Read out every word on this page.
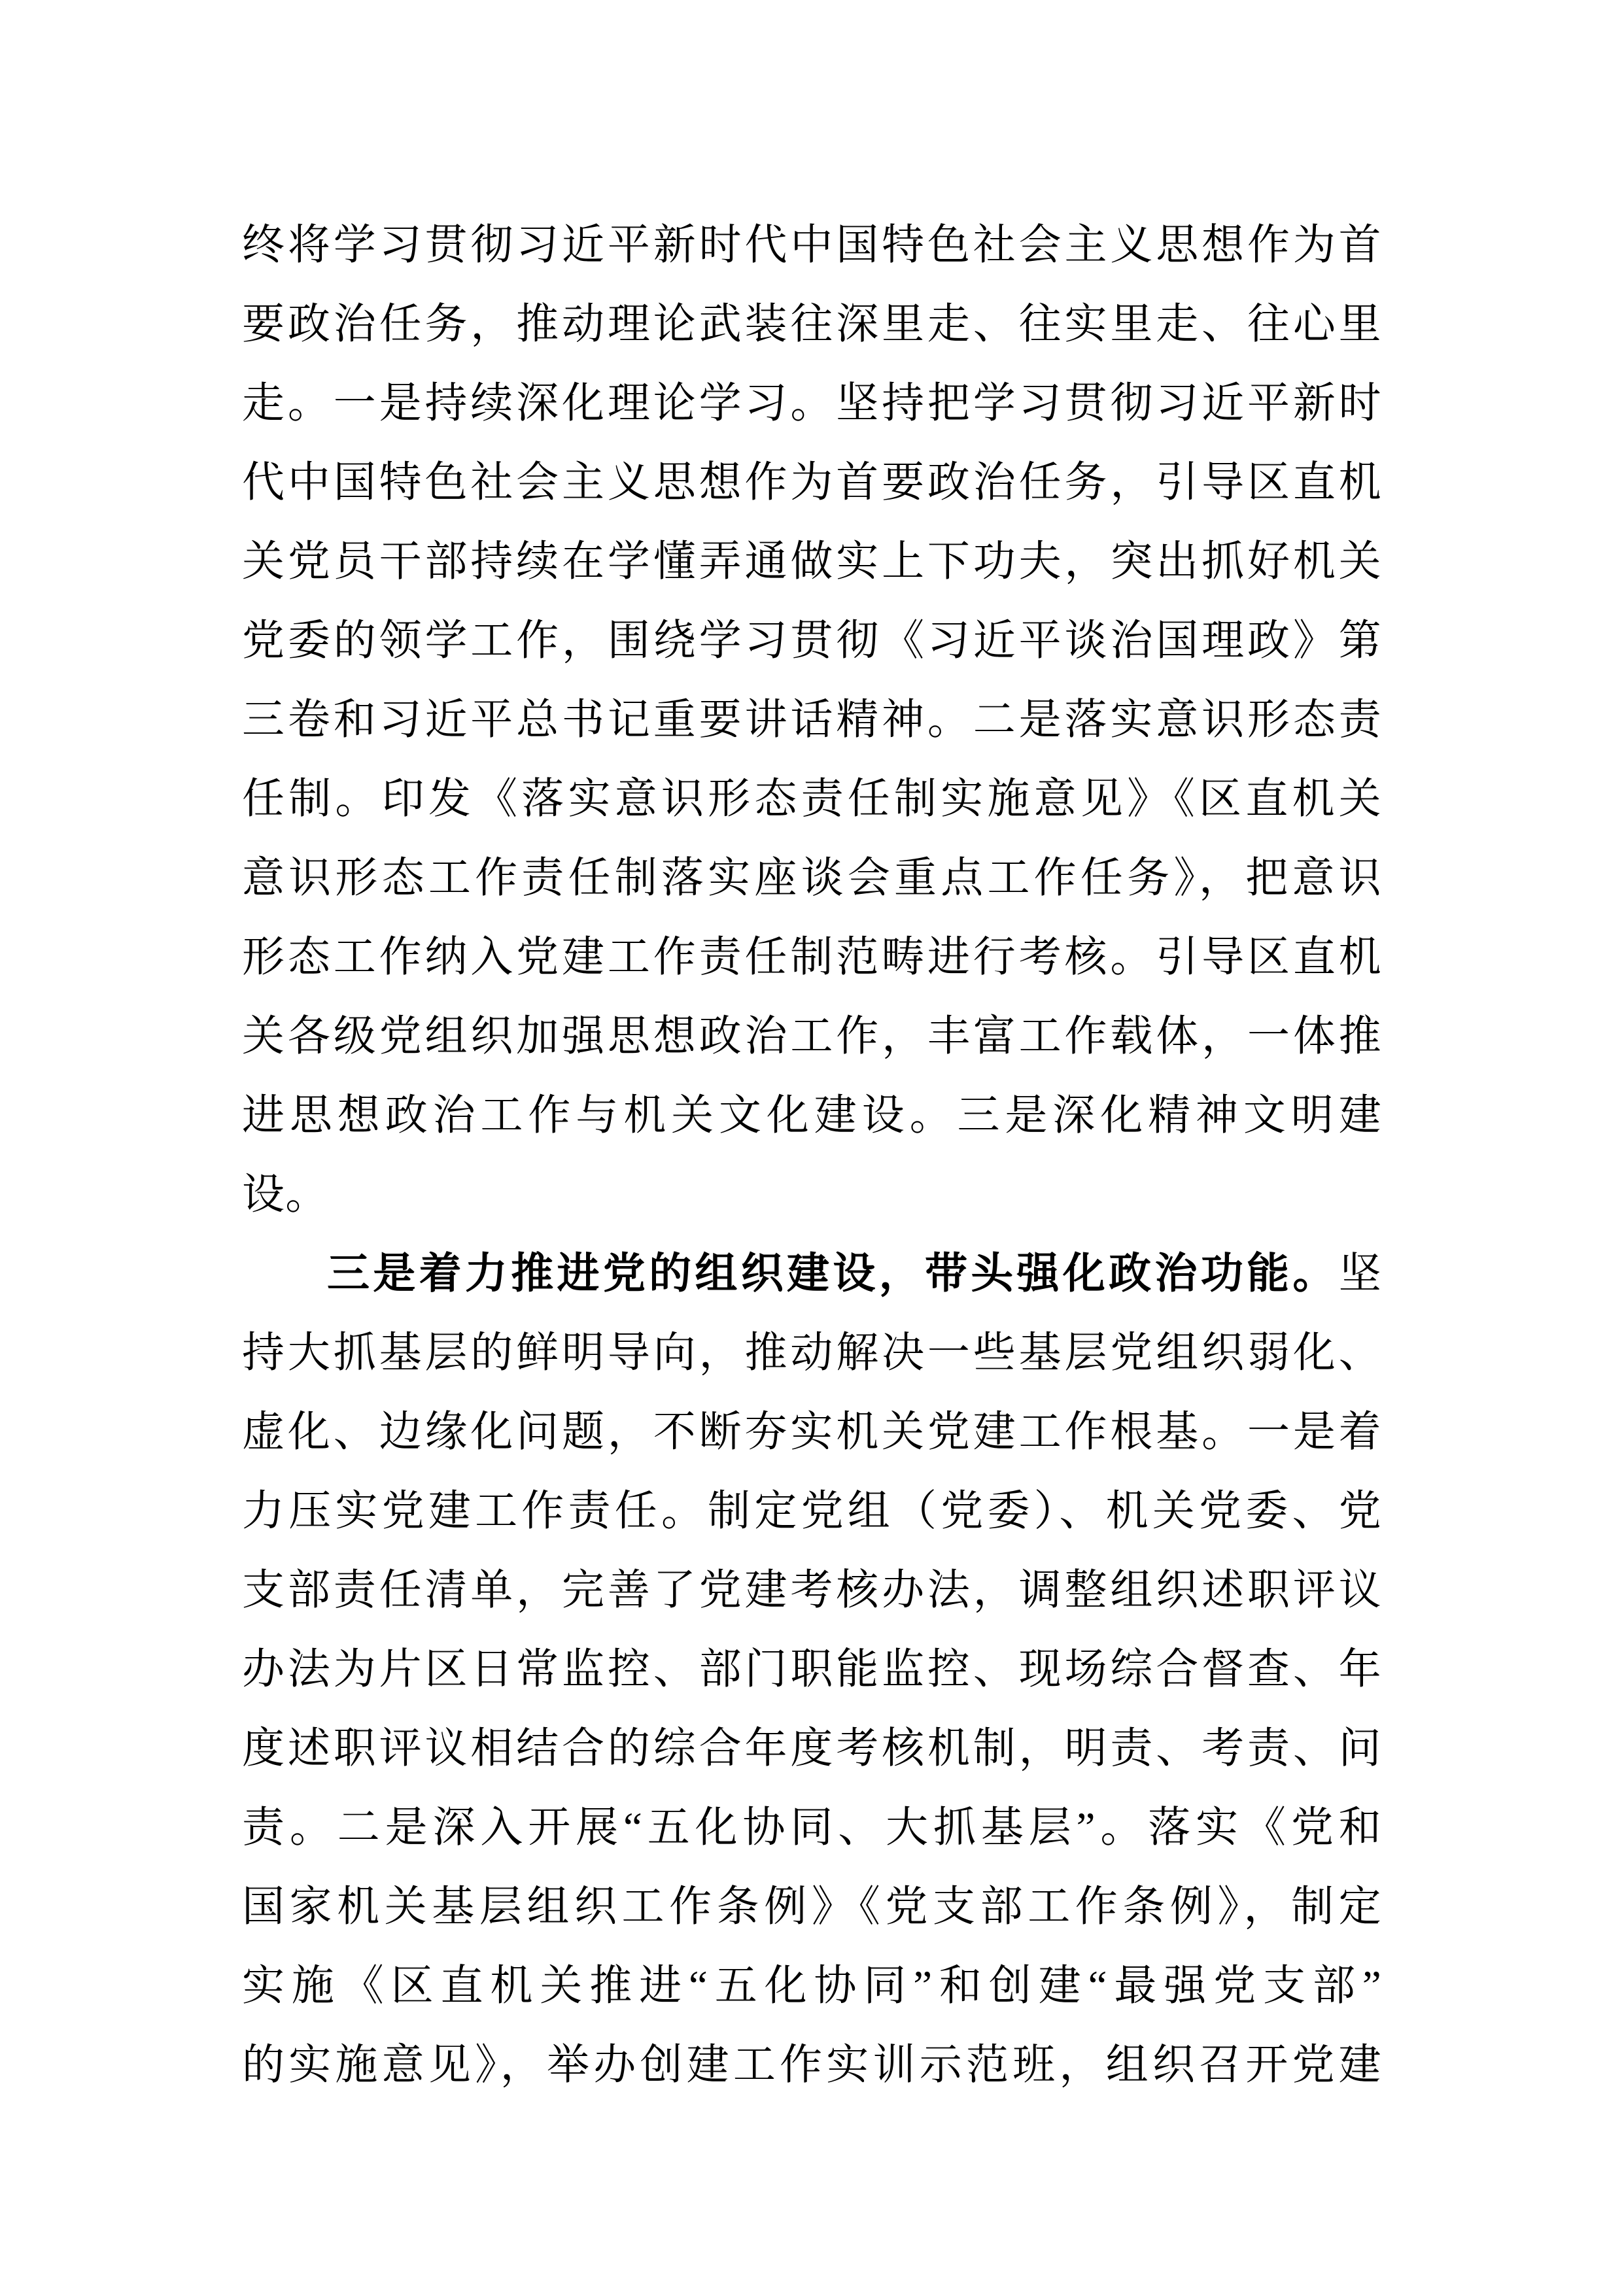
终将学习贯彻习近平新时代中国特色社会主义思想作为首
要政治任务，推动理论武装往深里走、往实里走、往心里
走。一是持续深化理论学习。坚持把学习贯彻习近平新时
代中国特色社会主义思想作为首要政治任务，引导区直机
关党员干部持续在学懂弄通做实上下功夫，突出抓好机关
党委的领学工作，围绕学习贯彻《习近平谈治国理政》第
三卷和习近平总书记重要讲话精神。二是落实意识形态责
任制。印发《落实意识形态责任制实施意见》《区直机关
意识形态工作责任制落实座谈会重点工作任务》，把意识
形态工作纳入党建工作责任制范畴进行考核。引导区直机
关各级党组织加强思想政治工作，丰富工作载体，一体推
进思想政治工作与机关文化建设。三是深化精神文明建
设。
三是着力推进党的组织建设，带头强化政治功能。坚
持大抓基层的鲜明导向，推动解决一些基层党组织弱化、
虚化、边缘化问题，不断夯实机关党建工作根基。一是着
力压实党建工作责任。制定党组（党委）、机关党委、党
支部责任清单，完善了党建考核办法，调整组织述职评议
办法为片区日常监控、部门职能监控、现场综合督查、年
度述职评议相结合的综合年度考核机制，明责、考责、问
责。二是深入开展“五化协同、大抓基层”。落实《党和
国家机关基层组织工作条例》《党支部工作条例》，制定
实施《区直机关推进“五化协同”和创建“最强党支部”
的实施意见》，举办创建工作实训示范班，组织召开党建
